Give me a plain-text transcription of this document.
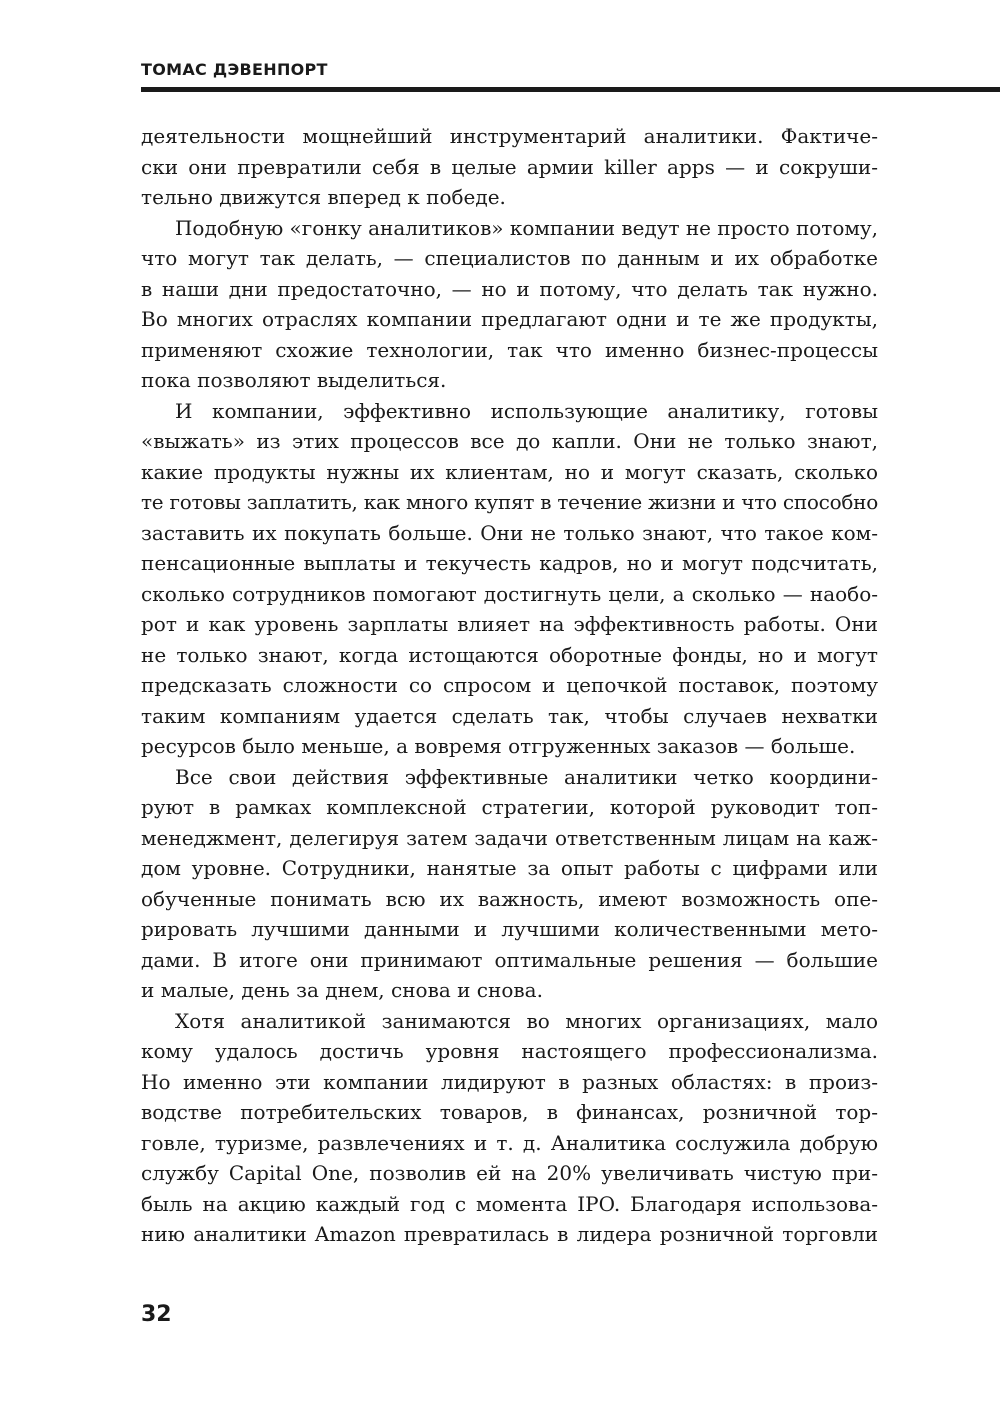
ТОМАС ДЭВЕНПОРТ
деятельности мощнейший инструментарий аналитики. Фактиче-
ски они превратили себя в целые армии killer apps — и сокруши-
тельно движутся вперед к победе.
Подобную «гонку аналитиков» компании ведут не просто потому,
что могут так делать, — специалистов по данным и их обработке
в наши дни предостаточно, — но и потому, что делать так нужно.
Во многих отраслях компании предлагают одни и те же продукты,
применяют схожие технологии, так что именно бизнес-процессы
пока позволяют выделиться.
И компании, эффективно использующие аналитику, готовы
«выжать» из этих процессов все до капли. Они не только знают,
какие продукты нужны их клиентам, но и могут сказать, сколько
те готовы заплатить, как много купят в течение жизни и что способно
заставить их покупать больше. Они не только знают, что такое ком-
пенсационные выплаты и текучесть кадров, но и могут подсчитать,
сколько сотрудников помогают достигнуть цели, а сколько — наобо-
рот и как уровень зарплаты влияет на эффективность работы. Они
не только знают, когда истощаются оборотные фонды, но и могут
предсказать сложности со спросом и цепочкой поставок, поэтому
таким компаниям удается сделать так, чтобы случаев нехватки
ресурсов было меньше, а вовремя отгруженных заказов — больше.
Все свои действия эффективные аналитики четко координи-
руют в рамках комплексной стратегии, которой руководит топ-
менеджмент, делегируя затем задачи ответственным лицам на каж-
дом уровне. Сотрудники, нанятые за опыт работы с цифрами или
обученные понимать всю их важность, имеют возможность опе-
рировать лучшими данными и лучшими количественными мето-
дами. В итоге они принимают оптимальные решения — большие
и малые, день за днем, снова и снова.
Хотя аналитикой занимаются во многих организациях, мало
кому удалось достичь уровня настоящего профессионализма.
Но именно эти компании лидируют в разных областях: в произ-
водстве потребительских товаров, в финансах, розничной тор-
говле, туризме, развлечениях и т. д. Аналитика сослужила добрую
службу Capital One, позволив ей на 20% увеличивать чистую при-
быль на акцию каждый год с момента IPO. Благодаря использова-
нию аналитики Amazon превратилась в лидера розничной торговли
32
